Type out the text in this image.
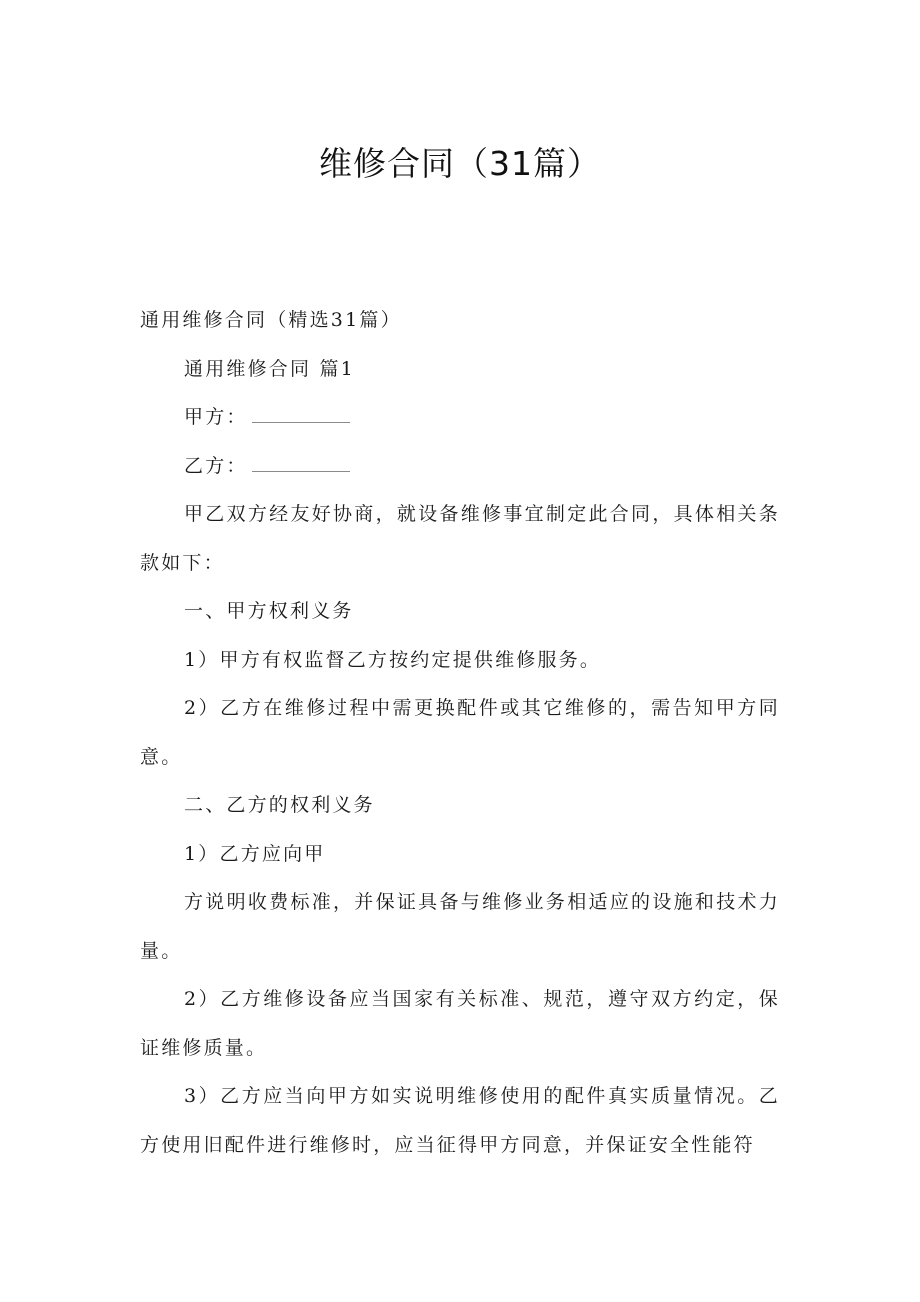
维修合同（31篇）

通用维修合同（精选31篇）

通用维修合同 篇1

甲方：

乙方：

甲乙双方经友好协商，就设备维修事宜制定此合同，具体相关条款如下：

一、甲方权利义务

1）甲方有权监督乙方按约定提供维修服务。

2）乙方在维修过程中需更换配件或其它维修的，需告知甲方同意。

二、乙方的权利义务

1）乙方应向甲

方说明收费标准，并保证具备与维修业务相适应的设施和技术力量。

2）乙方维修设备应当国家有关标准、规范，遵守双方约定，保证维修质量。

3）乙方应当向甲方如实说明维修使用的配件真实质量情况。乙方使用旧配件进行维修时，应当征得甲方同意，并保证安全性能符
